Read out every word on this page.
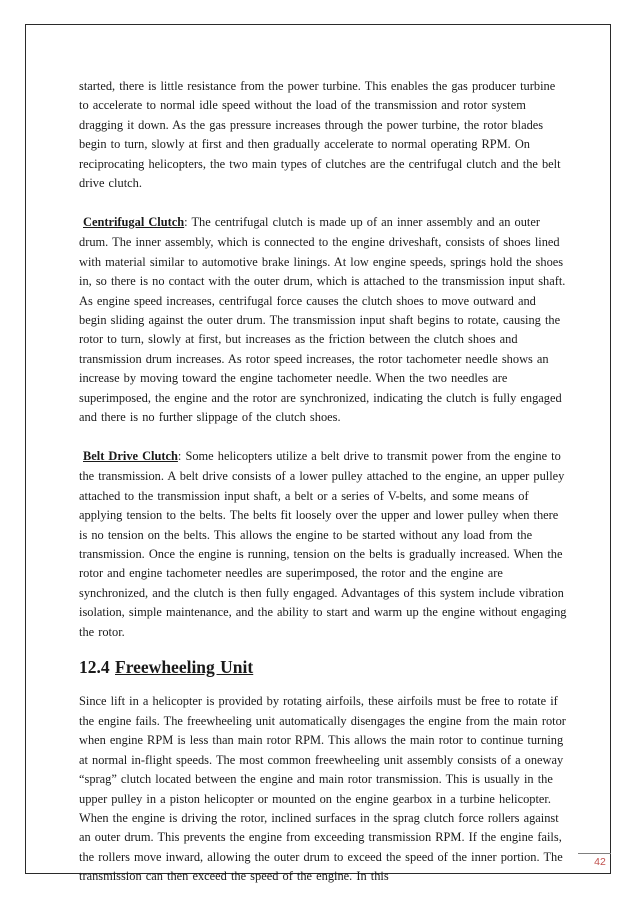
started, there is little resistance from the power turbine. This enables the gas producer turbine to accelerate to normal idle speed without the load of the transmission and rotor system dragging it down. As the gas pressure increases through the power turbine, the rotor blades begin to turn, slowly at first and then gradually accelerate to normal operating RPM. On reciprocating helicopters, the two main types of clutches are the centrifugal clutch and the belt drive clutch.

Centrifugal Clutch: The centrifugal clutch is made up of an inner assembly and an outer drum. The inner assembly, which is connected to the engine driveshaft, consists of shoes lined with material similar to automotive brake linings. At low engine speeds, springs hold the shoes in, so there is no contact with the outer drum, which is attached to the transmission input shaft. As engine speed increases, centrifugal force causes the clutch shoes to move outward and begin sliding against the outer drum. The transmission input shaft begins to rotate, causing the rotor to turn, slowly at first, but increases as the friction between the clutch shoes and transmission drum increases. As rotor speed increases, the rotor tachometer needle shows an increase by moving toward the engine tachometer needle. When the two needles are superimposed, the engine and the rotor are synchronized, indicating the clutch is fully engaged and there is no further slippage of the clutch shoes.

Belt Drive Clutch: Some helicopters utilize a belt drive to transmit power from the engine to the transmission. A belt drive consists of a lower pulley attached to the engine, an upper pulley attached to the transmission input shaft, a belt or a series of V-belts, and some means of applying tension to the belts. The belts fit loosely over the upper and lower pulley when there is no tension on the belts. This allows the engine to be started without any load from the transmission. Once the engine is running, tension on the belts is gradually increased. When the rotor and engine tachometer needles are superimposed, the rotor and the engine are synchronized, and the clutch is then fully engaged. Advantages of this system include vibration isolation, simple maintenance, and the ability to start and warm up the engine without engaging the rotor.

12.4 Freewheeling Unit

Since lift in a helicopter is provided by rotating airfoils, these airfoils must be free to rotate if the engine fails. The freewheeling unit automatically disengages the engine from the main rotor when engine RPM is less than main rotor RPM. This allows the main rotor to continue turning at normal in-flight speeds. The most common freewheeling unit assembly consists of a oneway “sprag” clutch located between the engine and main rotor transmission. This is usually in the upper pulley in a piston helicopter or mounted on the engine gearbox in a turbine helicopter. When the engine is driving the rotor, inclined surfaces in the sprag clutch force rollers against an outer drum. This prevents the engine from exceeding transmission RPM. If the engine fails, the rollers move inward, allowing the outer drum to exceed the speed of the inner portion. The transmission can then exceed the speed of the engine. In this

42
